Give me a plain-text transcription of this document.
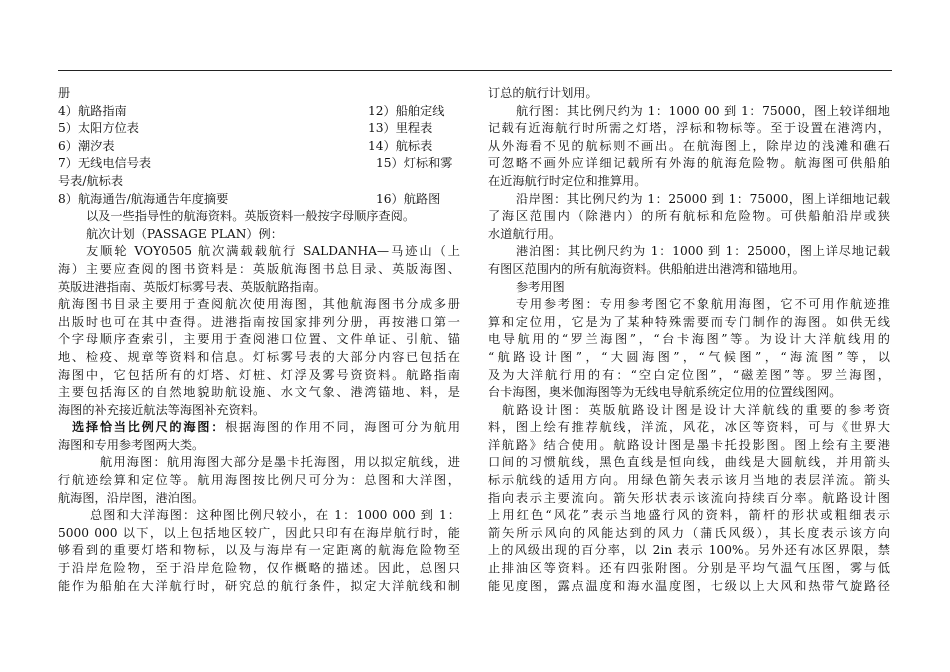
册
4）航路指南	12）船舶定线
5）太阳方位表	13）里程表
6）潮汐表	14）航标表
7）无线电信号表	15）灯标和雾
号表/航标表
8）航海通告/航海通告年度摘要	16）航路图
以及一些指导性的航海资料。英版资料一般按字母顺序查阅。
航次计划（PASSAGE PLAN）例：
友顺轮 VOY0505 航次满载载航行 SALDANHA—马迹山（上
海）主要应查阅的图书资料是：英版航海图书总目录、英版海图、
英版进港指南、英版灯标雾号表、英版航路指南。
航海图书目录主要用于查阅航次使用海图，其他航海图书分成多册
出版时也可在其中查得。进港指南按国家排列分册，再按港口第一
个字母顺序查索引，主要用于查阅港口位置、文件单证、引航、锚
地、检疫、规章等资料和信息。灯标雾号表的大部分内容已包括在
海图中，它包括所有的灯塔、灯桩、灯浮及雾号资资料。航路指南
主要包括海区的自然地貌助航设施、水文气象、港湾锚地、料，是
海图的补充接近航法等海图补充资料。
选择恰当比例尺的海图：根据海图的作用不同，海图可分为航用
海图和专用参考图两大类。
航用海图：航用海图大部分是墨卡托海图，用以拟定航线，进
行航迹绘算和定位等。航用海图按比例尺可分为：总图和大洋图，
航海图，沿岸图，港泊图。
总图和大洋海图：这种图比例尺较小，在 1：1000 000 到 1：
5000 000 以下，以上包括地区较广，因此只印有在海岸航行时，能
够看到的重要灯塔和物标，以及与海岸有一定距离的航海危险物至
于沿岸危险物，至于沿岸危险物，仅作概略的描述。因此，总图只
能作为船舶在大洋航行时，研究总的航行条件，拟定大洋航线和制
订总的航行计划用。
航行图：其比例尺约为 1：1000 00 到 1：75000，图上较详细地
记载有近海航行时所需之灯塔，浮标和物标等。至于设置在港湾内，
从外海看不见的航标则不画出。在航海图上，除岸边的浅滩和礁石
可忽略不画外应详细记载所有外海的航海危险物。航海图可供船舶
在近海航行时定位和推算用。
沿岸图：其比例尺约为 1：25000 到 1：75000，图上详细地记载
了海区范围内（除港内）的所有航标和危险物。可供船舶沿岸或狭
水道航行用。
港泊图：其比例尺约为 1：1000 到 1：25000，图上详尽地记载
有图区范围内的所有航海资料。供船舶进出港湾和锚地用。
参考用图
专用参考图：专用参考图它不象航用海图，它不可用作航迹推
算和定位用，它是为了某种特殊需要而专门制作的海图。如供无线
电导航用的“罗兰海图”，“台卡海图”等。为设计大洋航线用的
“航路设计图”，“大圆海图”，“气候图”，“海流图”等，以
及为大洋航行用的有：“空白定位图”，“磁差图”等。罗兰海图，
台卡海图，奥米伽海图等为无线电导航系统定位用的位置线图网。
航路设计图：英版航路设计图是设计大洋航线的重要的参考资
料，图上绘有推荐航线，洋流，风花，冰区等资料，可与《世界大
洋航路》结合使用。航路设计图是墨卡托投影图。图上绘有主要港
口间的习惯航线，黑色直线是恒向线，曲线是大圆航线，并用箭头
标示航线的适用方向。用绿色箭矢表示该月当地的表层洋流。箭头
指向表示主要流向。箭矢形状表示该流向持续百分率。航路设计图
上用红色“风花”表示当地盛行风的资料，箭杆的形状或粗细表示
箭矢所示风向的风能达到的风力（蒲氏风级），其长度表示该方向
上的风级出现的百分率，以 2in 表示 100%。另外还有冰区界限，禁
止排油区等资料。还有四张附图。分别是平均气温气压图，雾与低
能见度图，露点温度和海水温度图，七级以上大风和热带气旋路径
